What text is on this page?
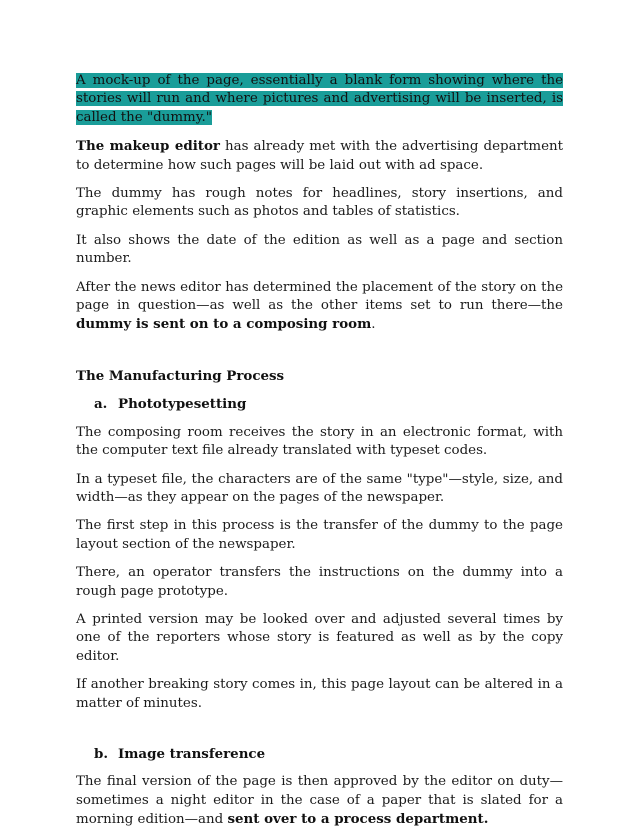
A mock-up of the page, essentially a blank form showing where the stories will run and where pictures and advertising will be inserted, is called the "dummy."

The makeup editor has already met with the advertising department to determine how such pages will be laid out with ad space.

The dummy has rough notes for headlines, story insertions, and graphic elements such as photos and tables of statistics.

It also shows the date of the edition as well as a page and section number.

After the news editor has determined the placement of the story on the page in question—as well as the other items set to run there—the dummy is sent on to a composing room.

The Manufacturing Process

a. Phototypesetting

The composing room receives the story in an electronic format, with the computer text file already translated with typeset codes.

In a typeset file, the characters are of the same "type"—style, size, and width—as they appear on the pages of the newspaper.

The first step in this process is the transfer of the dummy to the page layout section of the newspaper.

There, an operator transfers the instructions on the dummy into a rough page prototype.

A printed version may be looked over and adjusted several times by one of the reporters whose story is featured as well as by the copy editor.

If another breaking story comes in, this page layout can be altered in a matter of minutes.

b. Image transference

The final version of the page is then approved by the editor on duty—sometimes a night editor in the case of a paper that is slated for a morning edition—and sent over to a process department.
